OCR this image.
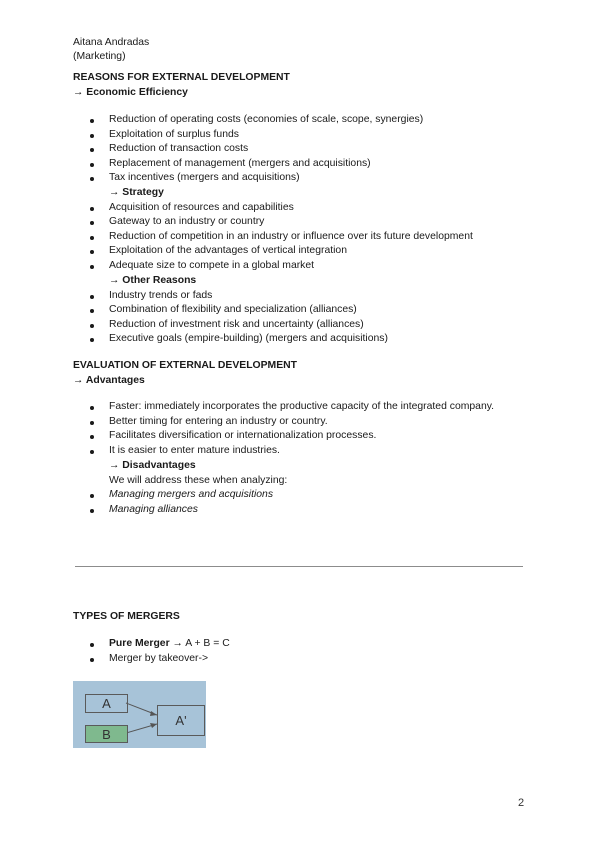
Aitana Andradas
(Marketing)
REASONS FOR EXTERNAL DEVELOPMENT
→ Economic Efficiency
Reduction of operating costs (economies of scale, scope, synergies)
Exploitation of surplus funds
Reduction of transaction costs
Replacement of management (mergers and acquisitions)
Tax incentives (mergers and acquisitions)
→ Strategy
Acquisition of resources and capabilities
Gateway to an industry or country
Reduction of competition in an industry or influence over its future development
Exploitation of the advantages of vertical integration
Adequate size to compete in a global market
→ Other Reasons
Industry trends or fads
Combination of flexibility and specialization (alliances)
Reduction of investment risk and uncertainty (alliances)
Executive goals (empire-building) (mergers and acquisitions)
EVALUATION OF EXTERNAL DEVELOPMENT
→ Advantages
Faster: immediately incorporates the productive capacity of the integrated company.
Better timing for entering an industry or country.
Facilitates diversification or internationalization processes.
It is easier to enter mature industries.
→ Disadvantages
We will address these when analyzing:
Managing mergers and acquisitions
Managing alliances
TYPES OF MERGERS
Pure Merger → A + B = C
Merger by takeover->
A
B
A'
2
